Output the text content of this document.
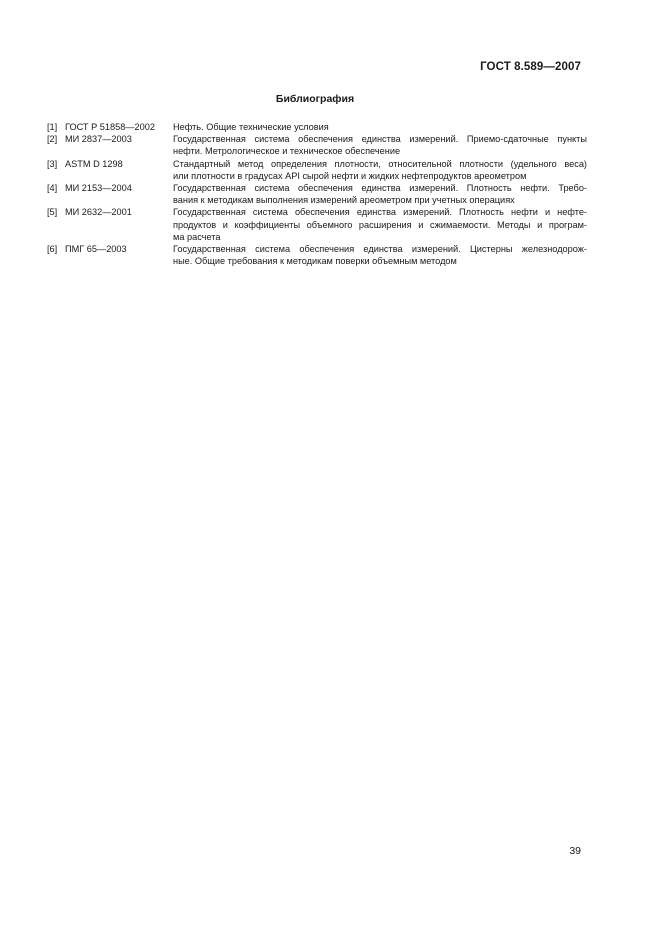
ГОСТ 8.589—2007
Библиография
[1] ГОСТ Р 51858—2002	Нефть. Общие технические условия
[2] МИ 2837—2003	Государственная система обеспечения единства измерений. Приемо-сдаточные пункты
нефти. Метрологическое и техническое обеспечение
[3] ASTM D 1298	Стандартный метод определения плотности, относительной плотности (удельного веса)
или плотности в градусах API сырой нефти и жидких нефтепродуктов ареометром
[4] МИ 2153—2004	Государственная система обеспечения единства измерений. Плотность нефти. Требо-
вания к методикам выполнения измерений ареометром при учетных операциях
[5] МИ 2632—2001	Государственная система обеспечения единства измерений. Плотность нефти и нефте-
продуктов и коэффициенты объемного расширения и сжимаемости. Методы и програм-
ма расчета
[6] ПМГ 65—2003	Государственная система обеспечения единства измерений. Цистерны железнодорож-
ные. Общие требования к методикам поверки объемным методом
39
